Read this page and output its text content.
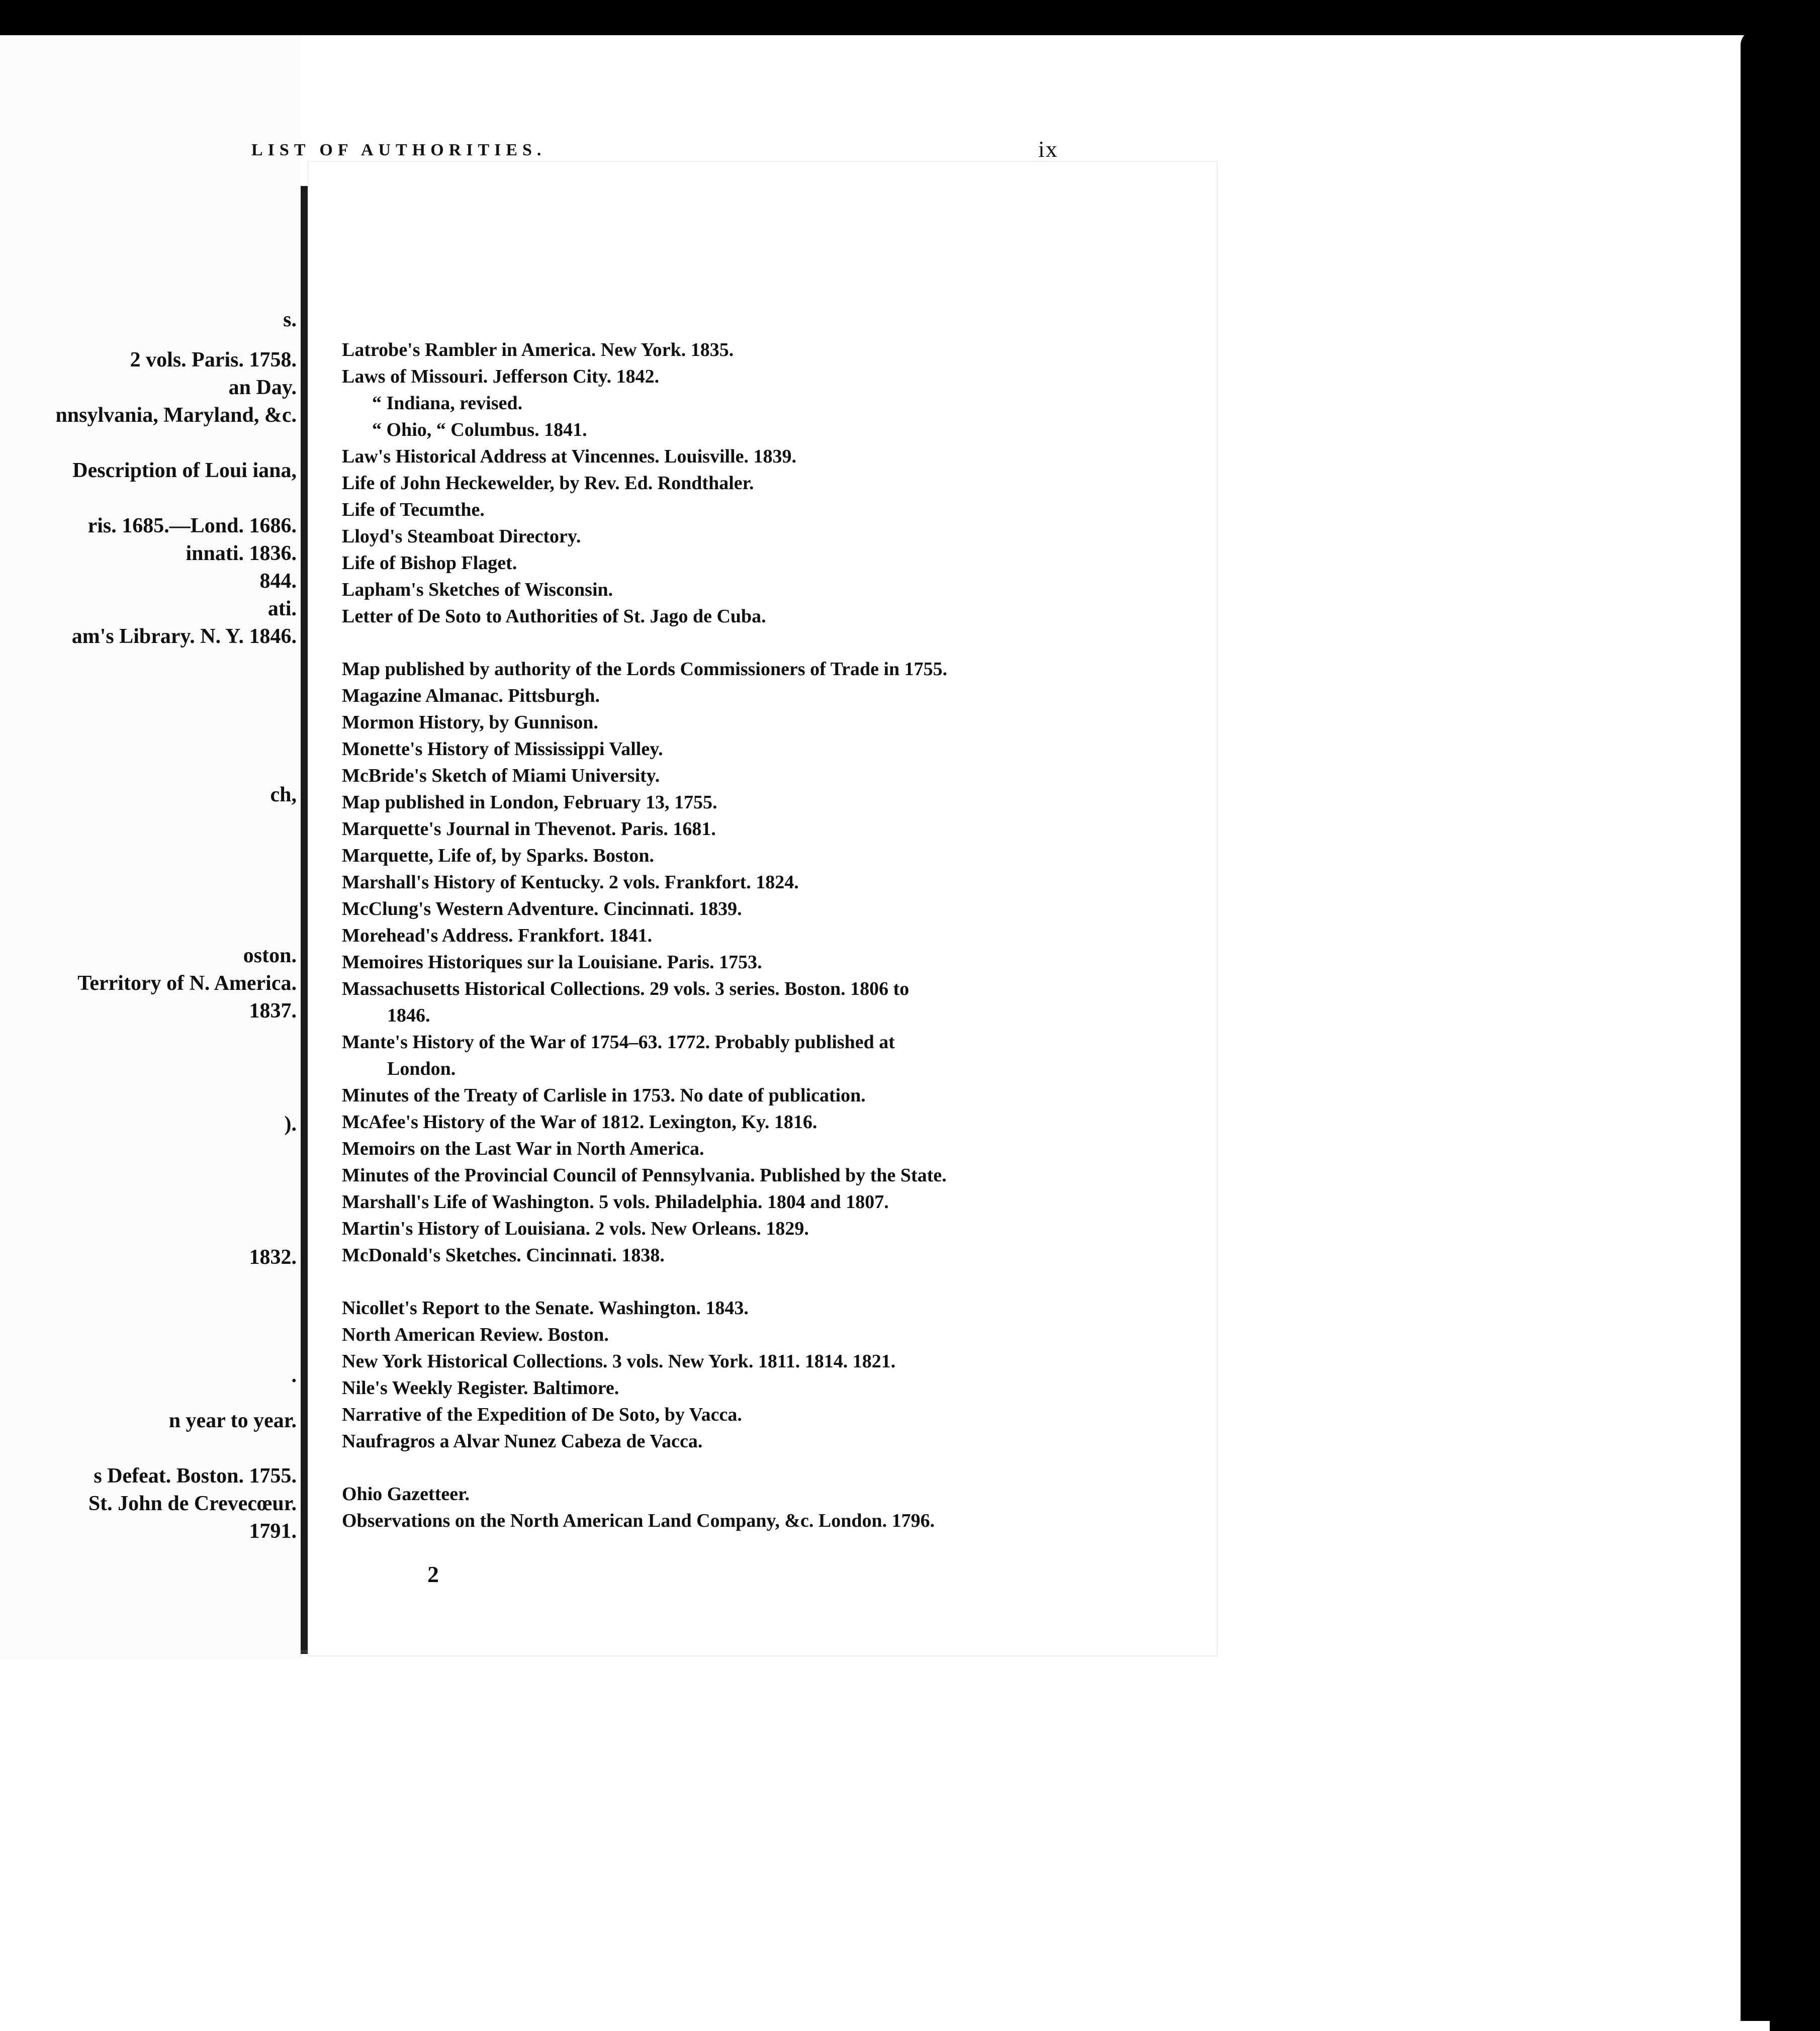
s.
2 vols. Paris. 1758.
an Day.
nnsylvania, Maryland, &c.
Description of Loui iana,
ris. 1685.—Lond. 1686.
innati. 1836.
844.
ati.
am's Library. N. Y. 1846.
ch,
oston.
Territory of N. America.
1837.
).
1832.
.
n year to year.
s Defeat. Boston. 1755.
St. John de Crevecœur.
1791.
LIST OF AUTHORITIES.	ix
Latrobe's Rambler in America. New York. 1835.
Laws of Missouri. Jefferson City. 1842.
“ Indiana, revised.
“ Ohio, “ Columbus. 1841.
Law's Historical Address at Vincennes. Louisville. 1839.
Life of John Heckewelder, by Rev. Ed. Rondthaler.
Life of Tecumthe.
Lloyd's Steamboat Directory.
Life of Bishop Flaget.
Lapham's Sketches of Wisconsin.
Letter of De Soto to Authorities of St. Jago de Cuba.
Map published by authority of the Lords Commissioners of Trade in 1755.
Magazine Almanac. Pittsburgh.
Mormon History, by Gunnison.
Monette's History of Mississippi Valley.
McBride's Sketch of Miami University.
Map published in London, February 13, 1755.
Marquette's Journal in Thevenot. Paris. 1681.
Marquette, Life of, by Sparks. Boston.
Marshall's History of Kentucky. 2 vols. Frankfort. 1824.
McClung's Western Adventure. Cincinnati. 1839.
Morehead's Address. Frankfort. 1841.
Memoires Historiques sur la Louisiane. Paris. 1753.
Massachusetts Historical Collections. 29 vols. 3 series. Boston. 1806 to
1846.
Mante's History of the War of 1754–63. 1772. Probably published at
London.
Minutes of the Treaty of Carlisle in 1753. No date of publication.
McAfee's History of the War of 1812. Lexington, Ky. 1816.
Memoirs on the Last War in North America.
Minutes of the Provincial Council of Pennsylvania. Published by the State.
Marshall's Life of Washington. 5 vols. Philadelphia. 1804 and 1807.
Martin's History of Louisiana. 2 vols. New Orleans. 1829.
McDonald's Sketches. Cincinnati. 1838.
Nicollet's Report to the Senate. Washington. 1843.
North American Review. Boston.
New York Historical Collections. 3 vols. New York. 1811. 1814. 1821.
Nile's Weekly Register. Baltimore.
Narrative of the Expedition of De Soto, by Vacca.
Naufragros a Alvar Nunez Cabeza de Vacca.
Ohio Gazetteer.
Observations on the North American Land Company, &c. London. 1796.
2
